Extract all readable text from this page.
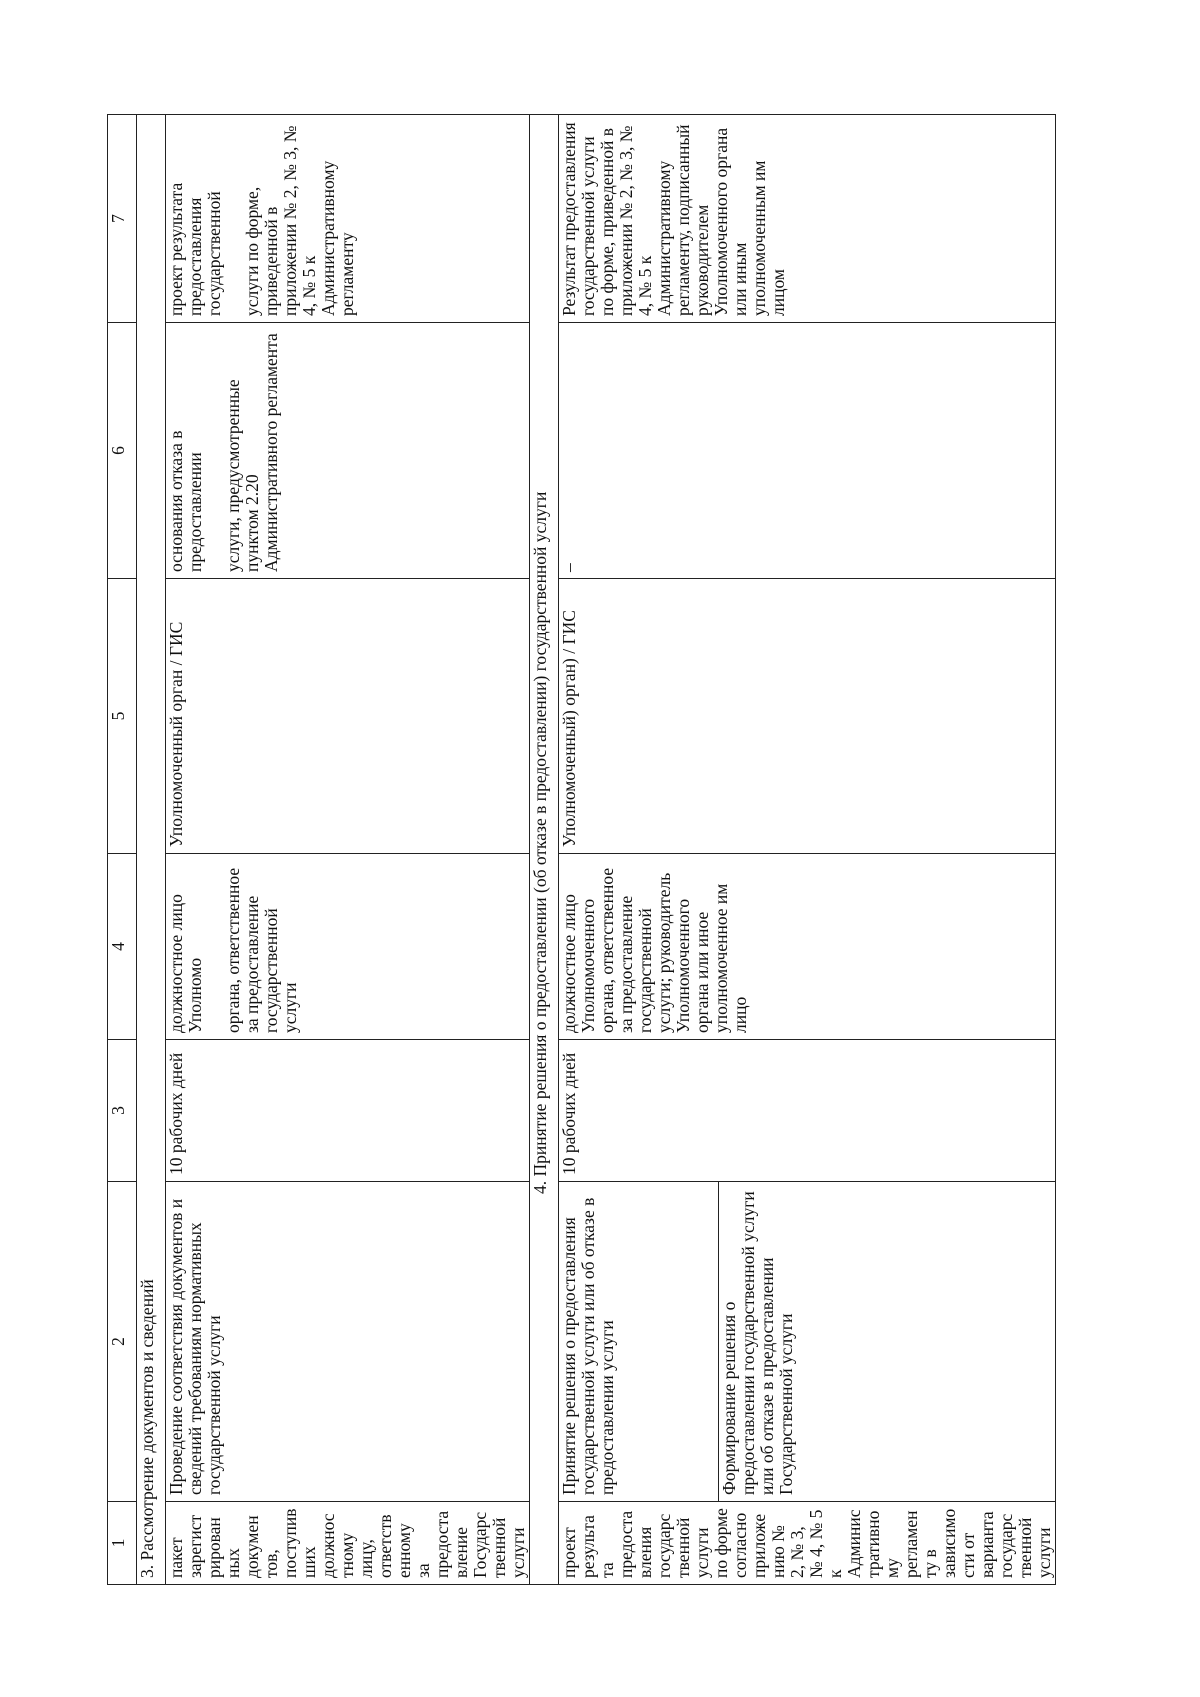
1	2	3	4	5	6	7
3. Рассмотрение документов и сведений						
пакет зарегистрированных документов, поступивших должностному лицу, ответственному за предоставление Государственной услуги	Проведение соответствия документов и сведений требованиям нормативных государственной услуги	10 рабочих дней	должностное лицо Уполномо органа, ответственное за предоставление государственной услуги	Уполномоченный орган / ГИС	основания отказа в предоставлении услуги, предусмотренные пунктом 2.20 Административного регламента	проект результата предоставления государственной услуги по форме, приведенной в приложении № 2, № 3, № 4, № 5 к Административному регламенту
4. Принятие решения о предоставлении (об отказе в предоставлении) государственной услуги						
проект результата предоставления государственной услуги по форме согласно приложению № 2, № 3, № 4, № 5 к Административному регламенту в зависимости от варианта государственной услуги	Принятие решения о предоставления государственной услуги или об отказе в предоставлении услуги	10 рабочих дней	должностное лицо Уполномоченного органа, ответственное за предоставление государственной услуги; руководитель Уполномоченного органа или иное уполномоченное им лицо	Уполномоченный) орган) / ГИС	–	Результат предоставления государственной услуги по форме, приведенной в приложении № 2, № 3, № 4, № 5 к Административному регламенту, подписанный руководителем Уполномоченного органа или иным уполномоченным им лицом
	Формирование решения о предоставлении государственной услуги или об отказе в предоставлении Государственной услуги					
